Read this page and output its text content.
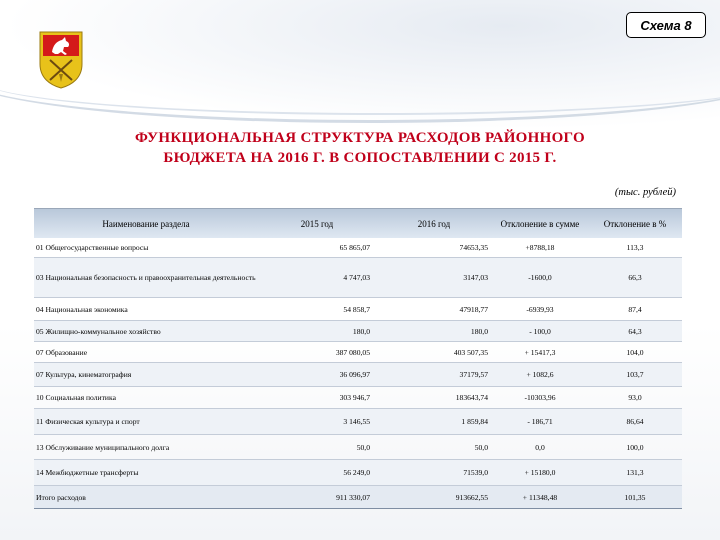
Схема 8
ФУНКЦИОНАЛЬНАЯ СТРУКТУРА РАСХОДОВ РАЙОННОГО
БЮДЖЕТА НА 2016 Г. В СОПОСТАВЛЕНИИ С 2015 Г.
(тыс. рублей)
Наименование раздела	2015 год	2016 год	Отклонение в сумме	Отклонение в %
01 Общегосударственные вопросы	65 865,07	74653,35	+8788,18	113,3
03 Национальная безопасность и правоохранительная деятельность	4 747,03	3147,03	-1600,0	66,3
04 Национальная экономика	54 858,7	47918,77	-6939,93	87,4
05 Жилищно-коммунальное хозяйство	180,0	180,0	- 100,0	64,3
07 Образование	387 080,05	403 507,35	+ 15417,3	104,0
07 Культура, кинематография	36 096,97	37179,57	+ 1082,6	103,7
10 Социальная политика	303 946,7	183643,74	-10303,96	93,0
11 Физическая культура и спорт	3 146,55	1 859,84	- 186,71	86,64
13 Обслуживание муниципального долга	50,0	50,0	0,0	100,0
14 Межбюджетные трансферты	56 249,0	71539,0	+ 15180,0	131,3
Итого расходов	911 330,07	913662,55	+ 11348,48	101,35
